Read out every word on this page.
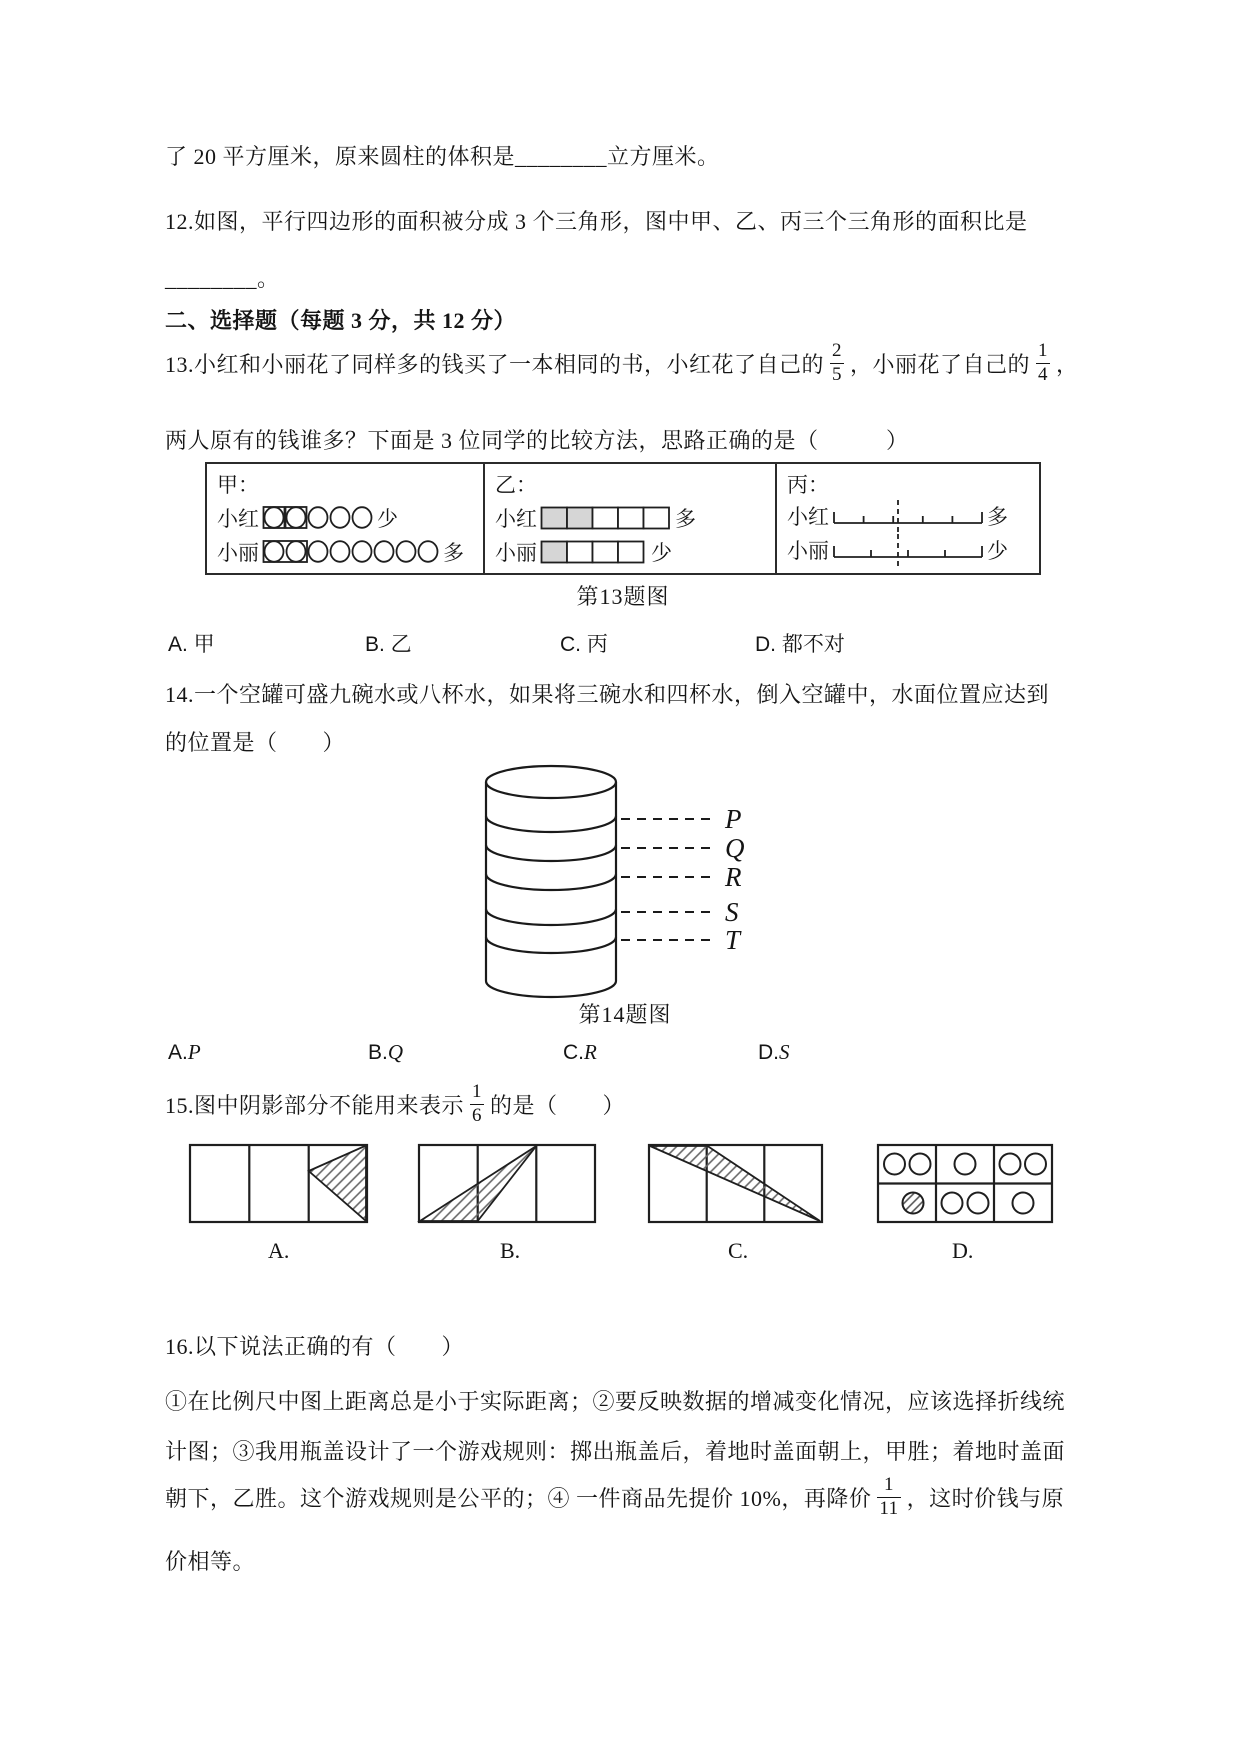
了 20 平方厘米，原来圆柱的体积是________立方厘米。
12.如图，平行四边形的面积被分成 3 个三角形，图中甲、乙、丙三个三角形的面积比是
________。
二、选择题（每题 3 分，共 12 分）
13.小红和小丽花了同样多的钱买了一本相同的书，小红花了自己的 $\frac{2}{5}$ ，小丽花了自己的 $\frac{1}{4}$ ，
两人原有的钱谁多？下面是 3 位同学的比较方法，思路正确的是（　　　）
甲：
小红	少
小丽	多
乙：
小红	多
小丽	少
丙：
小红	多
小丽	少
第13题图
A. 甲	B. 乙	C. 丙	D. 都不对
14.一个空罐可盛九碗水或八杯水，如果将三碗水和四杯水，倒入空罐中，水面位置应达到
的位置是（　　）
P
Q
R
S
T
第14题图
A.P	B.Q	C.R	D.S
15.图中阴影部分不能用来表示 $\frac{1}{6}$ 的是（　　）
A.	B.	C.	D.
16.以下说法正确的有（　　）
①在比例尺中图上距离总是小于实际距离；②要反映数据的增减变化情况，应该选择折线统
计图；③我用瓶盖设计了一个游戏规则：掷出瓶盖后，着地时盖面朝上，甲胜；着地时盖面
朝下，乙胜。这个游戏规则是公平的；④ 一件商品先提价 10%，再降价 $\frac{1}{11}$ ，这时价钱与原
价相等。
